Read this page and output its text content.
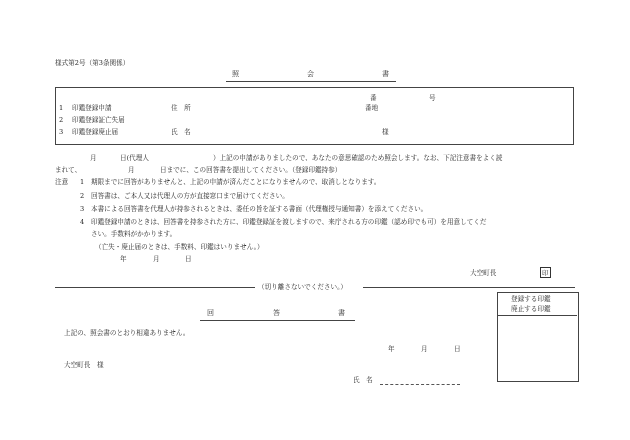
様式第2号（第3条関係）
照	会	書
番	号
1 印鑑登録申請	住　所	番地
2 印鑑登録証亡失届
3 印鑑登録廃止届	氏　名	様
月	日(代理人	）上記の申請がありましたので、あなたの意思確認のため照会します。なお、下記注意書をよく読
まれて、	月	日までに、この回答書を提出してください。（登録印鑑持参）
注意 1 期限までに回答がありませんと、上記の申請が済んだことになりませんので、取消しとなります。
2 回答書は、ご本人又は代理人の方が直接窓口まで届けてください。
3 本書による回答書を代理人が持参されるときは、委任の旨を証する書面（代理権授与通知書）を添えてください。
4 印鑑登録申請のときは、回答書を持参された方に、印鑑登録証を渡しますので、来庁される方の印鑑（認め印でも可）を用意してくだ
さい。手数料がかかります。
（亡失・廃止届のときは、手数料、印鑑はいりません。）
年	月	日
大空町長	印
（切り離さないでください。）
回	答	書
登録する印鑑
廃止する印鑑
上記の、照会書のとおり相違ありません。
年	月	日
大空町長　様
氏　名
